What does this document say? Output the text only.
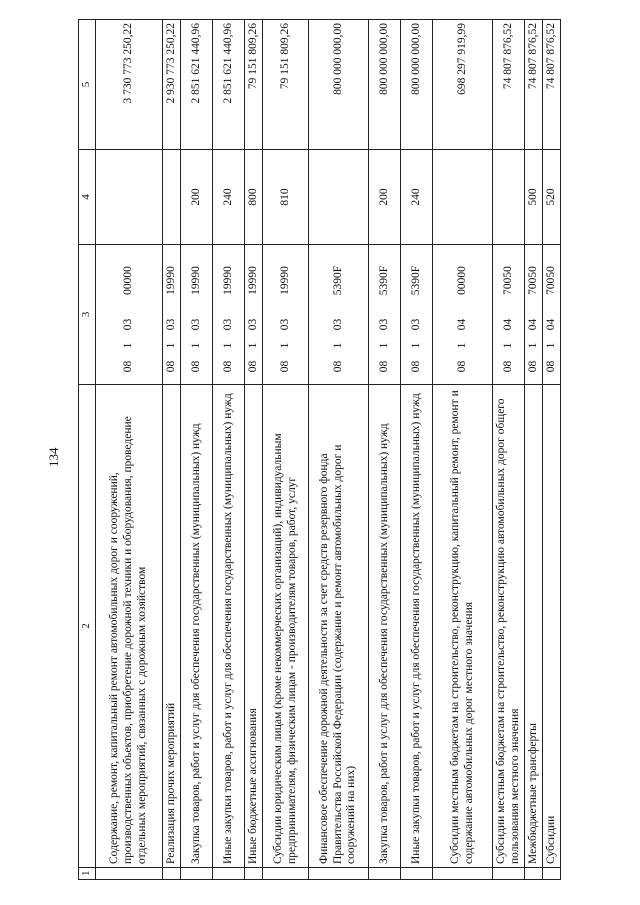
134
1	2	3	4	5
	Содержание, ремонт, капитальный ремонт автомобильных дорог и сооружений, производственных объектов, приобретение дорожной техники и оборудования, проведение отдельных мероприятий, связанных с дорожным хозяйством	0810300000		3 730 773 250,22
	Реализация прочих мероприятий	0810319990		2 930 773 250,22
	Закупка товаров, работ и услуг для обеспечения государственных (муниципальных) нужд	0810319990	200	2 851 621 440,96
	Иные закупки товаров, работ и услуг для обеспечения государственных (муниципальных) нужд	0810319990	240	2 851 621 440,96
	Иные бюджетные ассигнования	0810319990	800	79 151 809,26
	Субсидии юридическим лицам (кроме некоммерческих организаций), индивидуальным предпринимателям, физическим лицам - производителям товаров, работ, услуг	0810319990	810	79 151 809,26
	Финансовое обеспечение дорожной деятельности за счет средств резервного фонда Правительства Российской Федерации (содержание и ремонт автомобильных дорог и сооружений на них)	081035390F		800 000 000,00
	Закупка товаров, работ и услуг для обеспечения государственных (муниципальных) нужд	081035390F	200	800 000 000,00
	Иные закупки товаров, работ и услуг для обеспечения государственных (муниципальных) нужд	081035390F	240	800 000 000,00
	Субсидии местным бюджетам на строительство, реконструкцию, капитальный ремонт, ремонт и содержание автомобильных дорог местного значения	0810400000		698 297 919,99
	Субсидии местным бюджетам на строительство, реконструкцию автомобильных дорог общего пользования местного значения	0810470050		74 807 876,52
	Межбюджетные трансферты	0810470050	500	74 807 876,52
	Субсидии	0810470050	520	74 807 876,52
